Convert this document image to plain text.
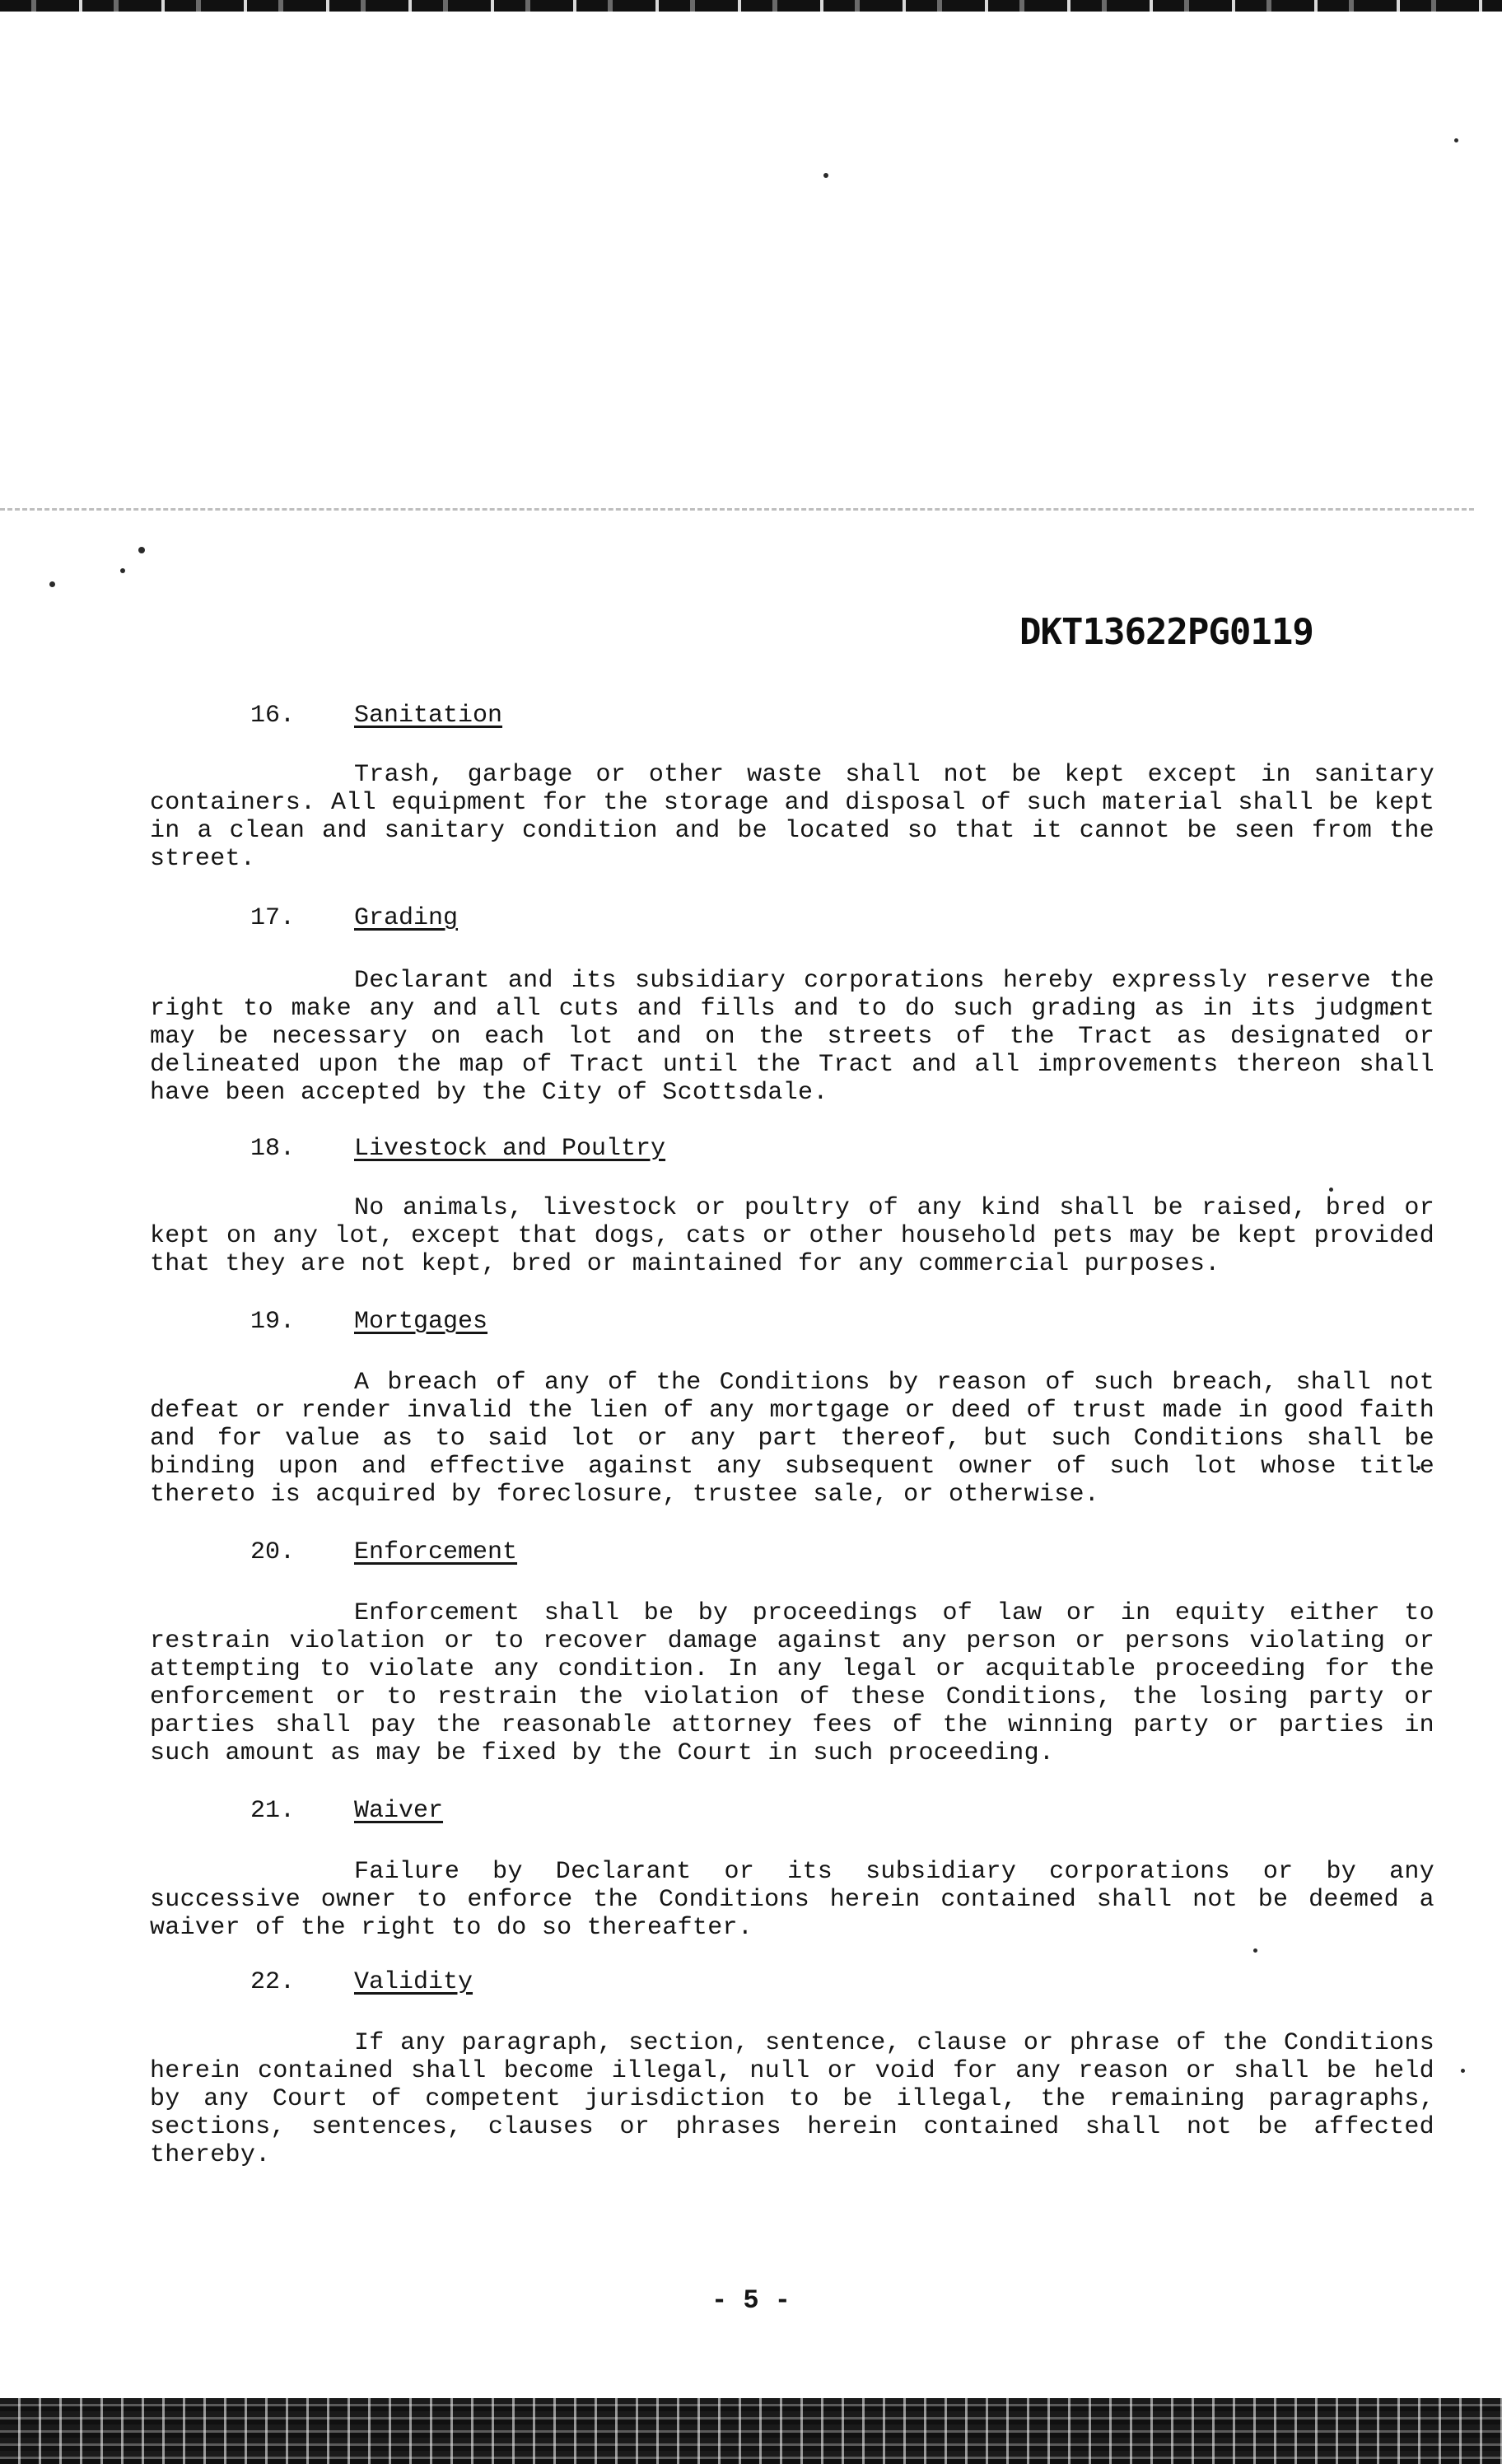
DKT13622PG0119
16. Sanitation

Trash, garbage or other waste shall not be kept except in sanitary containers. All equipment for the storage and disposal of such material shall be kept in a clean and sanitary condition and be located so that it cannot be seen from the street.

17. Grading

Declarant and its subsidiary corporations hereby expressly reserve the right to make any and all cuts and fills and to do such grading as in its judgment may be necessary on each lot and on the streets of the Tract as designated or delineated upon the map of Tract until the Tract and all improvements thereon shall have been accepted by the City of Scottsdale.

18. Livestock and Poultry

No animals, livestock or poultry of any kind shall be raised, bred or kept on any lot, except that dogs, cats or other household pets may be kept provided that they are not kept, bred or maintained for any commercial purposes.

19. Mortgages

A breach of any of the Conditions by reason of such breach, shall not defeat or render invalid the lien of any mortgage or deed of trust made in good faith and for value as to said lot or any part thereof, but such Conditions shall be binding upon and effective against any subsequent owner of such lot whose title thereto is acquired by foreclosure, trustee sale, or otherwise.

20. Enforcement

Enforcement shall be by proceedings of law or in equity either to restrain violation or to recover damage against any person or persons violating or attempting to violate any condition. In any legal or acquitable proceeding for the enforcement or to restrain the violation of these Conditions, the losing party or parties shall pay the reasonable attorney fees of the winning party or parties in such amount as may be fixed by the Court in such proceeding.

21. Waiver

Failure by Declarant or its subsidiary corporations or by any successive owner to enforce the Conditions herein contained shall not be deemed a waiver of the right to do so thereafter.

22. Validity

If any paragraph, section, sentence, clause or phrase of the Conditions herein contained shall become illegal, null or void for any reason or shall be held by any Court of competent jurisdiction to be illegal, the remaining paragraphs, sections, sentences, clauses or phrases herein contained shall not be affected thereby.

- 5 -
